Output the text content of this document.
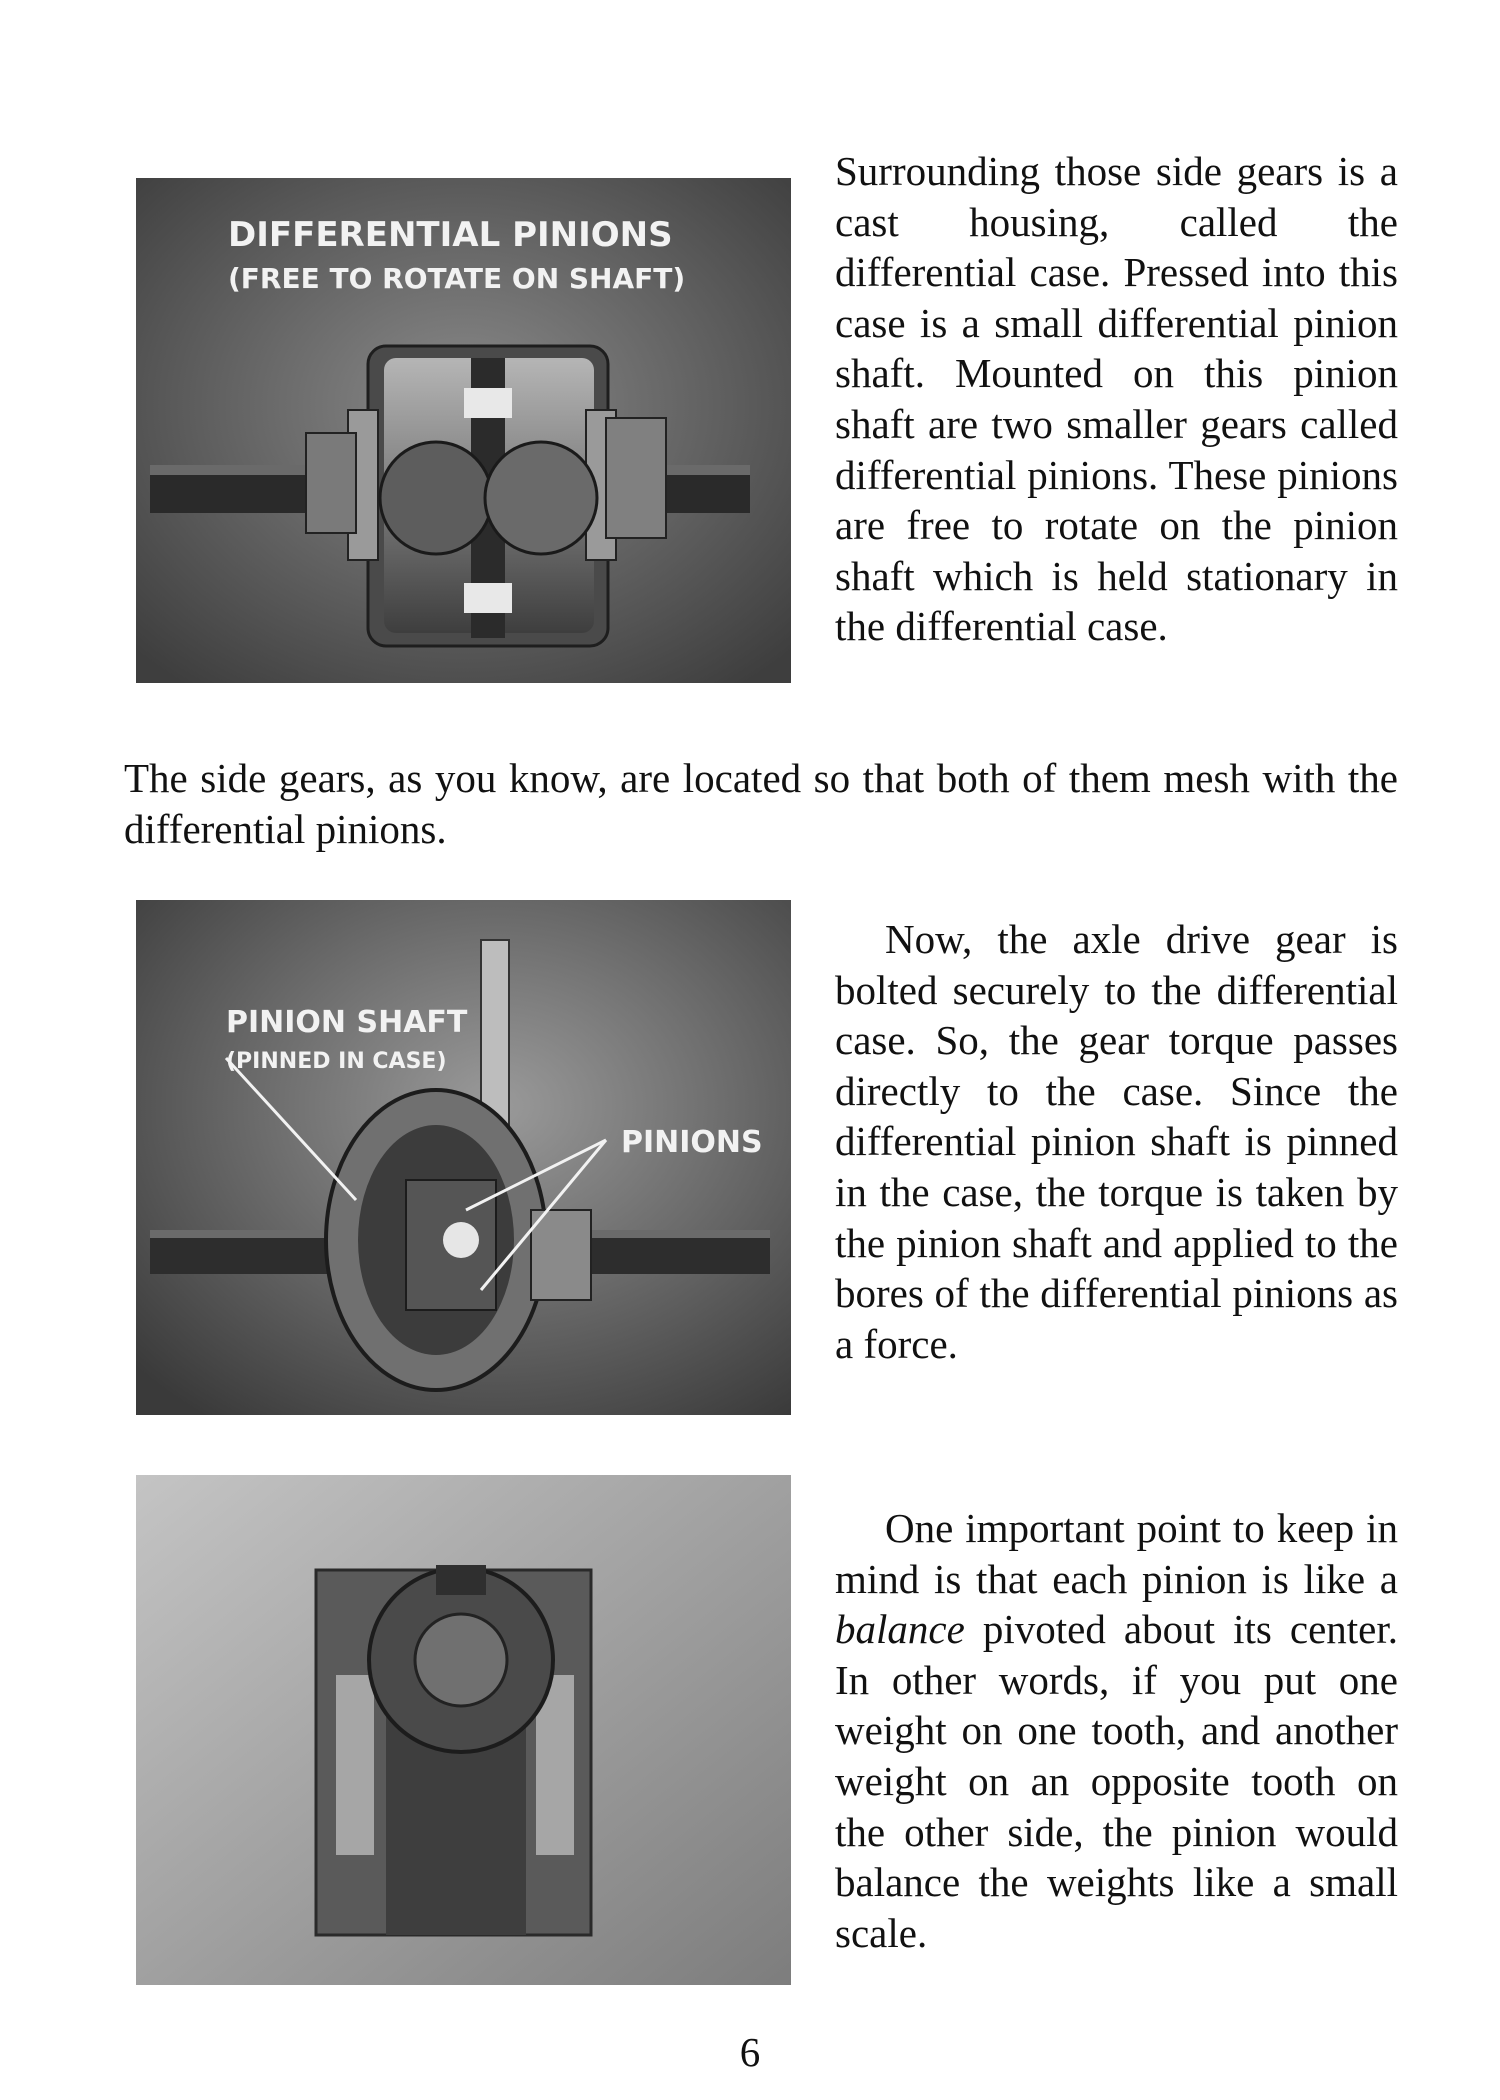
DIFFERENTIAL PINIONS
(FREE TO ROTATE ON SHAFT)
Surrounding those side gears is a cast housing, called the differential case. Pressed into this case is a small differential pinion shaft. Mounted on this pinion shaft are two smaller gears called differential pinions. These pinions are free to rotate on the pinion shaft which is held stationary in the differential case.
The side gears, as you know, are located so that both of them mesh with the differential pinions.
PINION SHAFT
(PINNED IN CASE)
PINIONS
Now, the axle drive gear is bolted securely to the differential case. So, the gear torque passes directly to the case. Since the differential pinion shaft is pinned in the case, the torque is taken by the pinion shaft and applied to the bores of the differential pinions as a force.
One important point to keep in mind is that each pinion is like a balance pivoted about its center. In other words, if you put one weight on one tooth, and another weight on an opposite tooth on the other side, the pinion would balance the weights like a small scale.
6
